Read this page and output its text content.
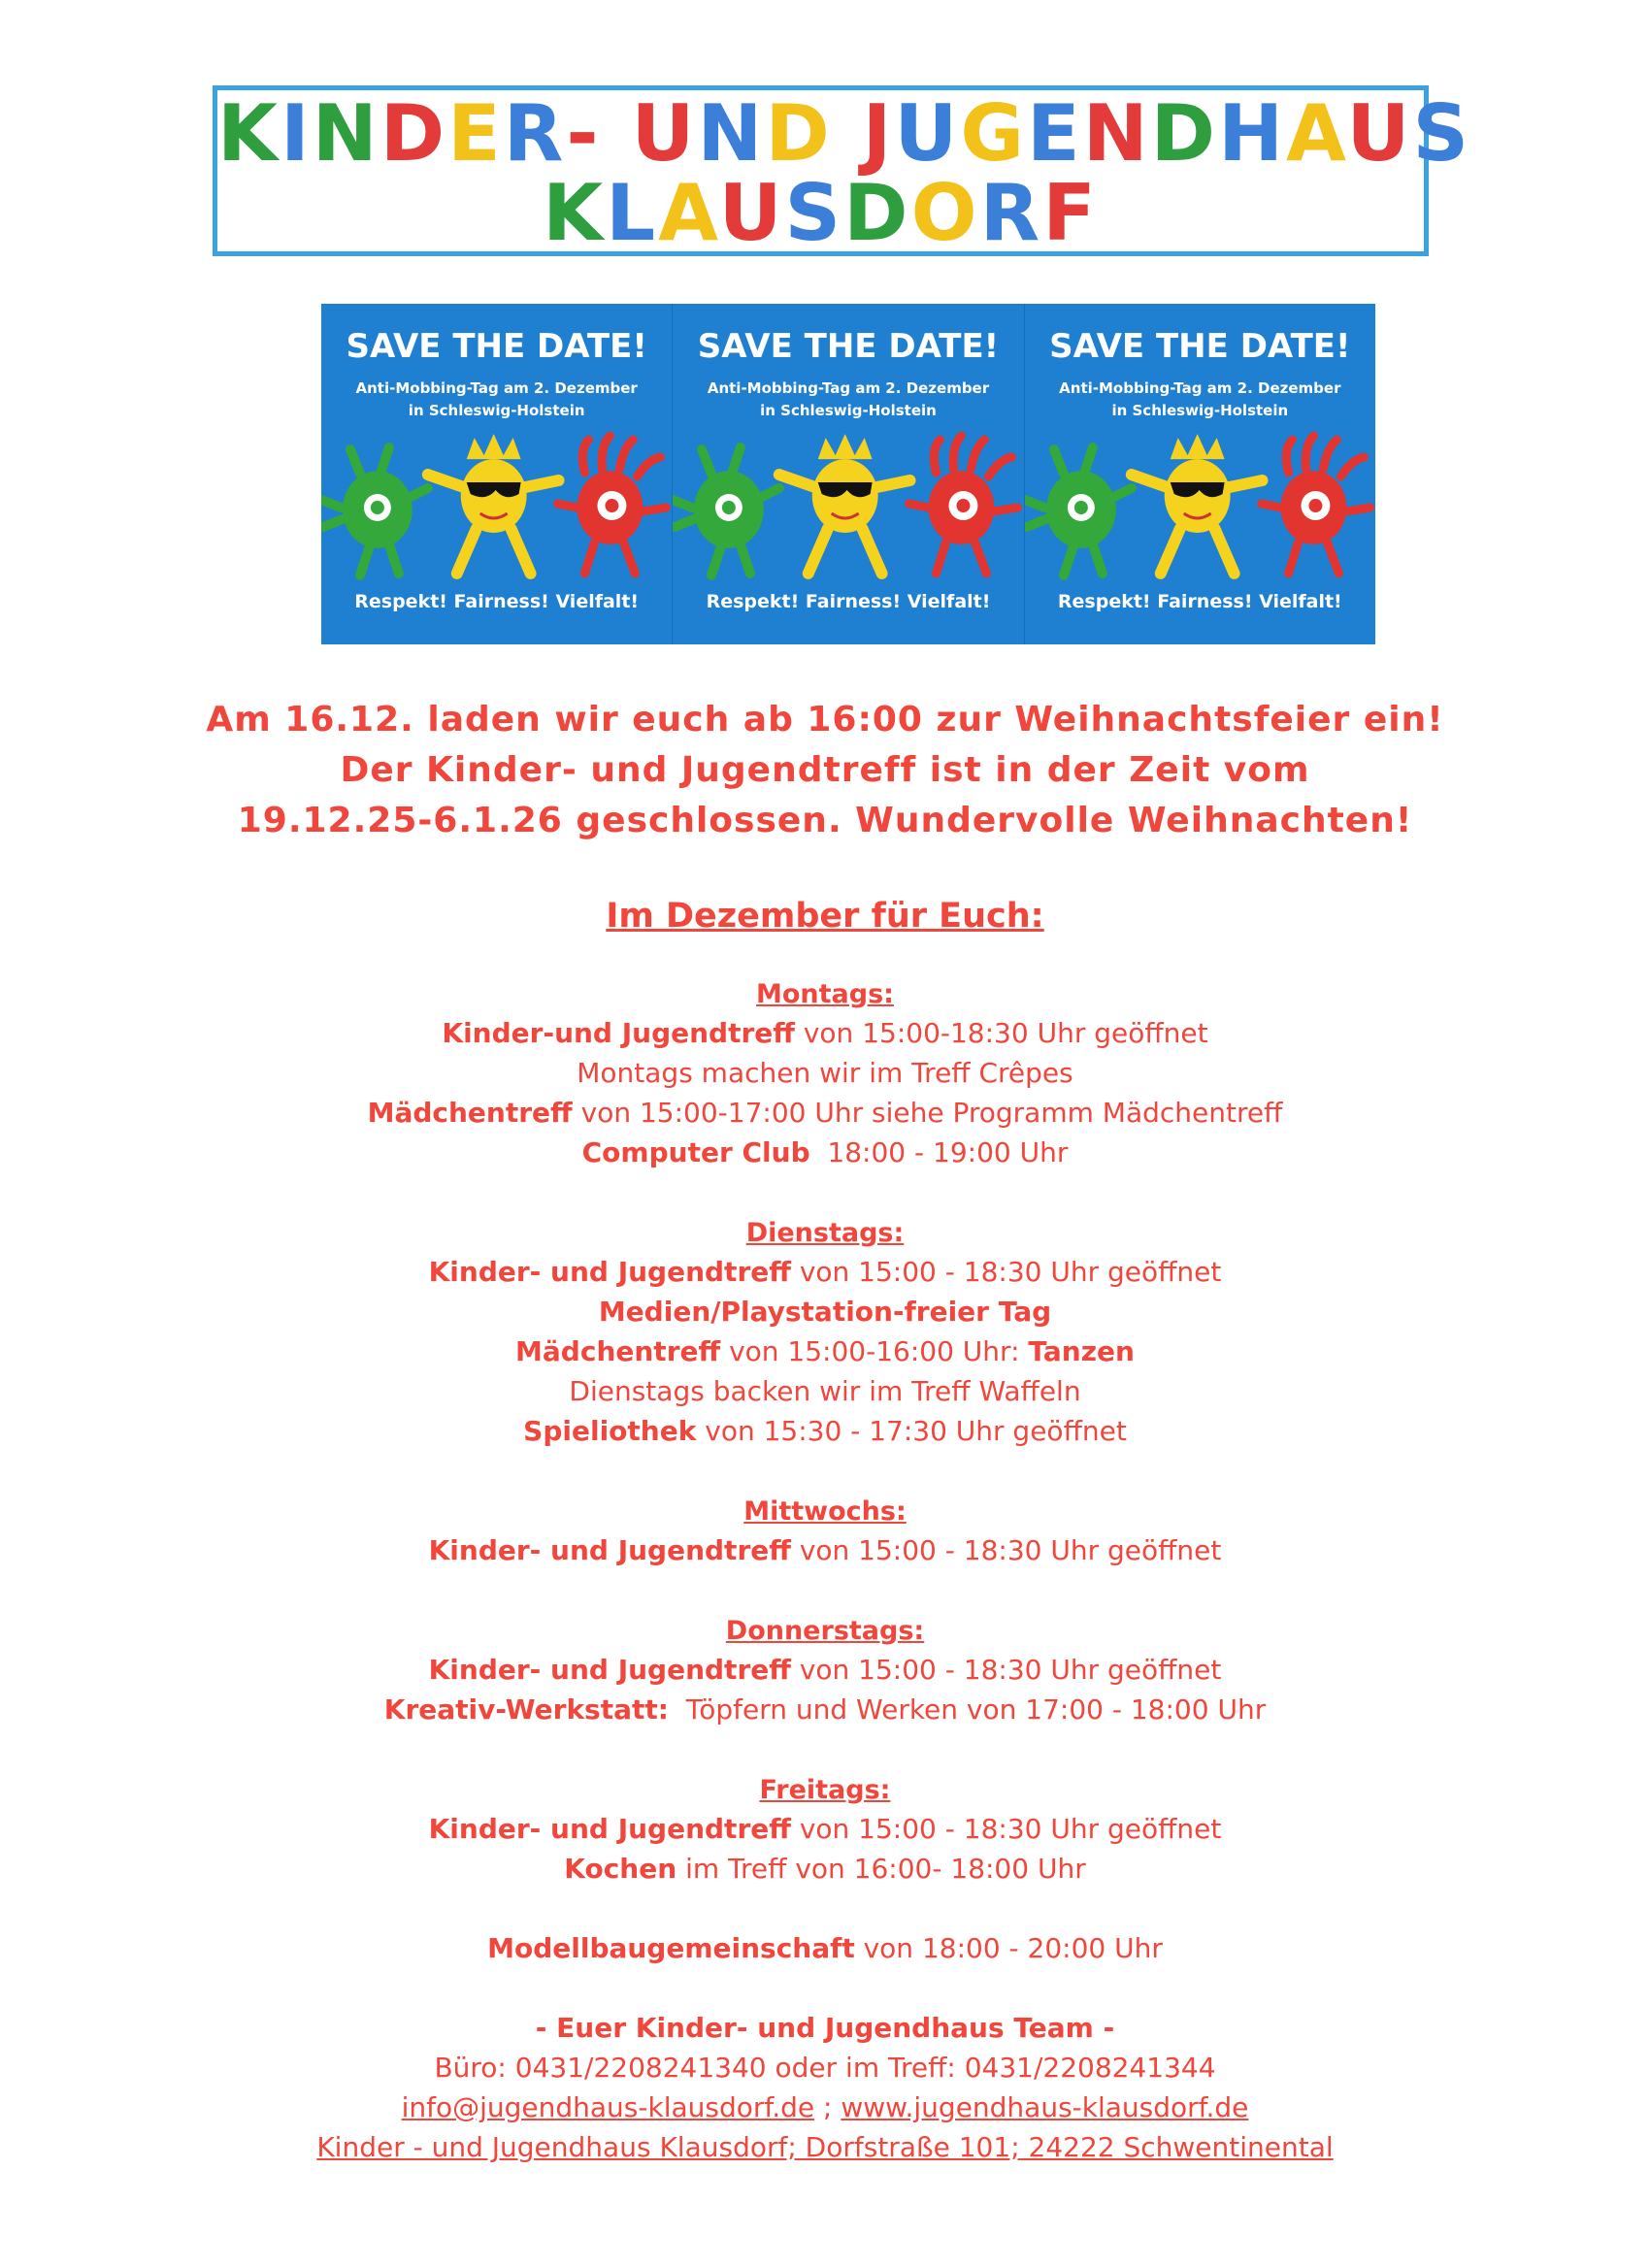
KINDER- UND JUGENDHAUS
KLAUSDORF
SAVE THE DATE!
Anti-Mobbing-Tag am 2. Dezember
in Schleswig-Holstein
Respekt! Fairness! Vielfalt!
SAVE THE DATE!
Anti-Mobbing-Tag am 2. Dezember
in Schleswig-Holstein
Respekt! Fairness! Vielfalt!
SAVE THE DATE!
Anti-Mobbing-Tag am 2. Dezember
in Schleswig-Holstein
Respekt! Fairness! Vielfalt!
Am 16.12. laden wir euch ab 16:00 zur Weihnachtsfeier ein!
Der Kinder- und Jugendtreff ist in der Zeit vom
19.12.25-6.1.26 geschlossen. Wundervolle Weihnachten!
Im Dezember für Euch:
Montags:
Kinder-und Jugendtreff von 15:00-18:30 Uhr geöffnet
Montags machen wir im Treff Crêpes
Mädchentreff von 15:00-17:00 Uhr siehe Programm Mädchentreff
Computer Club  18:00 - 19:00 Uhr
Dienstags:
Kinder- und Jugendtreff von 15:00 - 18:30 Uhr geöffnet
Medien/Playstation-freier Tag
Mädchentreff von 15:00-16:00 Uhr: Tanzen
Dienstags backen wir im Treff Waffeln
Spieliothek von 15:30 - 17:30 Uhr geöffnet
Mittwochs:
Kinder- und Jugendtreff von 15:00 - 18:30 Uhr geöffnet
Donnerstags:
Kinder- und Jugendtreff von 15:00 - 18:30 Uhr geöffnet
Kreativ-Werkstatt:  Töpfern und Werken von 17:00 - 18:00 Uhr
Freitags:
Kinder- und Jugendtreff von 15:00 - 18:30 Uhr geöffnet
Kochen im Treff von 16:00- 18:00 Uhr
Modellbaugemeinschaft von 18:00 - 20:00 Uhr
- Euer Kinder- und Jugendhaus Team -
Büro: 0431/2208241340 oder im Treff: 0431/2208241344
info@jugendhaus-klausdorf.de ; www.jugendhaus-klausdorf.de
Kinder - und Jugendhaus Klausdorf; Dorfstraße 101; 24222 Schwentinental
